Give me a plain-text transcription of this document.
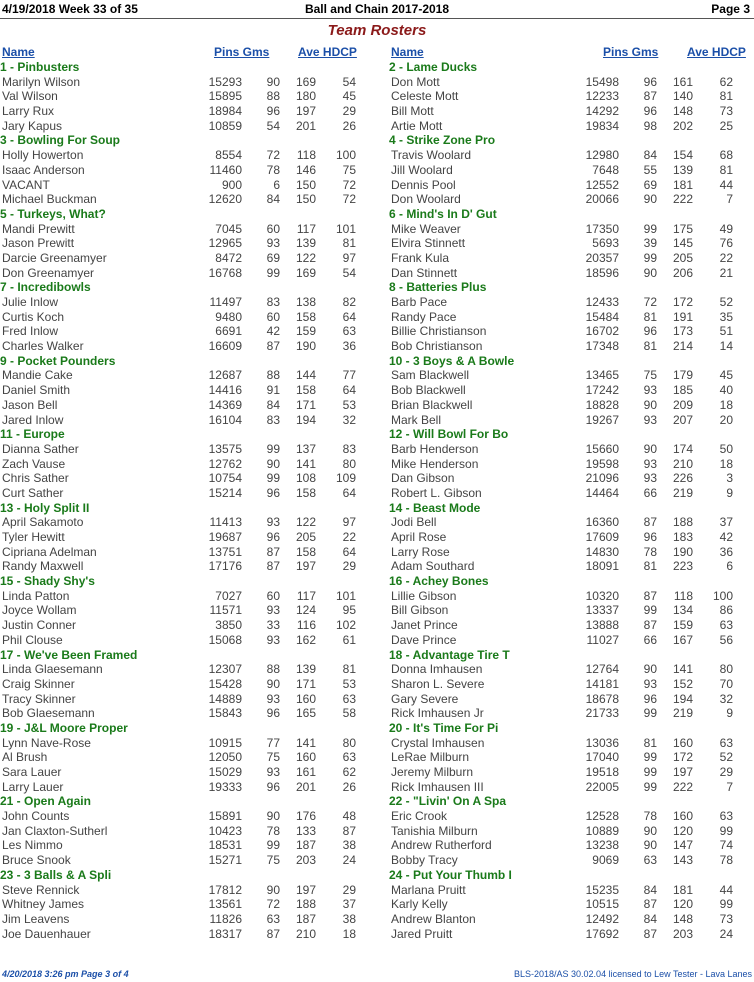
4/19/2018 Week 33 of 35	Ball and Chain 2017-2018	Page 3
Team Rosters
Name	Pins Gms Ave HDCP
1 - Pinbusters
Marilyn Wilson	15293 90 169 54
Val Wilson	15895 88 180 45
Larry Rux	18984 96 197 29
Jary Kapus	10859 54 201 26
3 - Bowling For Soup
Holly Howerton	8554 72 118 100
Isaac Anderson	11460 78 146 75
VACANT	900	6 150 72
Michael Buckman	12620 84 150 72
5 - Turkeys, What?
Mandi Prewitt	7045 60 117 101
Jason Prewitt	12965 93 139 81
Darcie Greenamyer	8472 69 122 97
Don Greenamyer	16768 99 169 54
7 - Incredibowls
Julie Inlow	11497 83 138 82
Curtis Koch	9480 60 158 64
Fred Inlow	6691 42 159 63
Charles Walker	16609 87 190 36
9 - Pocket Pounders
Mandie Cake	12687 88 144 77
Daniel Smith	14416 91 158 64
Jason Bell	14369 84 171 53
Jared Inlow	16104 83 194 32
11 - Europe
Dianna Sather	13575 99 137 83
Zach Vause	12762 90 141 80
Chris Sather	10754 99 108 109
Curt Sather	15214 96 158 64
13 - Holy Split II
April Sakamoto	11413 93 122 97
Tyler Hewitt	19687 96 205 22
Cipriana Adelman	13751 87 158 64
Randy Maxwell	17176 87 197 29
15 - Shady Shy's
Linda Patton	7027 60 117 101
Joyce Wollam	11571 93 124 95
Justin Conner	3850 33 116 102
Phil Clouse	15068 93 162 61
17 - We've Been Framed
Linda Glaesemann	12307 88 139 81
Craig Skinner	15428 90 171 53
Tracy Skinner	14889 93 160 63
Bob Glaesemann	15843 96 165 58
19 - J&L Moore Proper
Lynn Nave-Rose	10915 77 141 80
Al Brush	12050 75 160 63
Sara Lauer	15029 93 161 62
Larry Lauer	19333 96 201 26
21 - Open Again
John Counts	15891 90 176 48
Jan Claxton-Sutherl	10423 78 133 87
Les Nimmo	18531 99 187 38
Bruce Snook	15271 75 203 24
23 - 3 Balls & A Spli
Steve Rennick	17812 90 197 29
Whitney James	13561 72 188 37
Jim Leavens	11826 63 187 38
Joe Dauenhauer	18317 87 210 18
Name	Pins Gms Ave HDCP
2 - Lame Ducks
Don Mott	15498 96 161 62
Celeste Mott	12233 87 140 81
Bill Mott	14292 96 148 73
Artie Mott	19834 98 202 25
4 - Strike Zone Pro
Travis Woolard	12980 84 154 68
Jill Woolard	7648 55 139 81
Dennis Pool	12552 69 181 44
Don Woolard	20066 90 222	7
6 - Mind's In D' Gut
Mike Weaver	17350 99 175 49
Elvira Stinnett	5693 39 145 76
Frank Kula	20357 99 205 22
Dan Stinnett	18596 90 206 21
8 - Batteries Plus
Barb Pace	12433 72 172 52
Randy Pace	15484 81 191 35
Billie Christianson	16702 96 173 51
Bob Christianson	17348 81 214 14
10 - 3 Boys & A Bowle
Sam Blackwell	13465 75 179 45
Bob Blackwell	17242 93 185 40
Brian Blackwell	18828 90 209 18
Mark Bell	19267 93 207 20
12 - Will Bowl For Bo
Barb Henderson	15660 90 174 50
Mike Henderson	19598 93 210 18
Dan Gibson	21096 93 226	3
Robert L. Gibson	14464 66 219	9
14 - Beast Mode
Jodi Bell	16360 87 188 37
April Rose	17609 96 183 42
Larry Rose	14830 78 190 36
Adam Southard	18091 81 223	6
16 - Achey Bones
Lillie Gibson	10320 87 118 100
Bill Gibson	13337 99 134 86
Janet Prince	13888 87 159 63
Dave Prince	11027 66 167 56
18 - Advantage Tire T
Donna Imhausen	12764 90 141 80
Sharon L. Severe	14181 93 152 70
Gary Severe	18678 96 194 32
Rick Imhausen Jr	21733 99 219	9
20 - It's Time For Pi
Crystal Imhausen	13036 81 160 63
LeRae Milburn	17040 99 172 52
Jeremy Milburn	19518 99 197 29
Rick Imhausen III	22005 99 222	7
22 - "Livin' On A Spa
Eric Crook	12528 78 160 63
Tanishia Milburn	10889 90 120 99
Andrew Rutherford	13238 90 147 74
Bobby Tracy	9069 63 143 78
24 - Put Your Thumb I
Marlana Pruitt	15235 84 181 44
Karly Kelly	10515 87 120 99
Andrew Blanton	12492 84 148 73
Jared Pruitt	17692 87 203 24
4/20/2018 3:26 pm Page 3 of 4	BLS-2018/AS 30.02.04 licensed to Lew Tester - Lava Lanes
